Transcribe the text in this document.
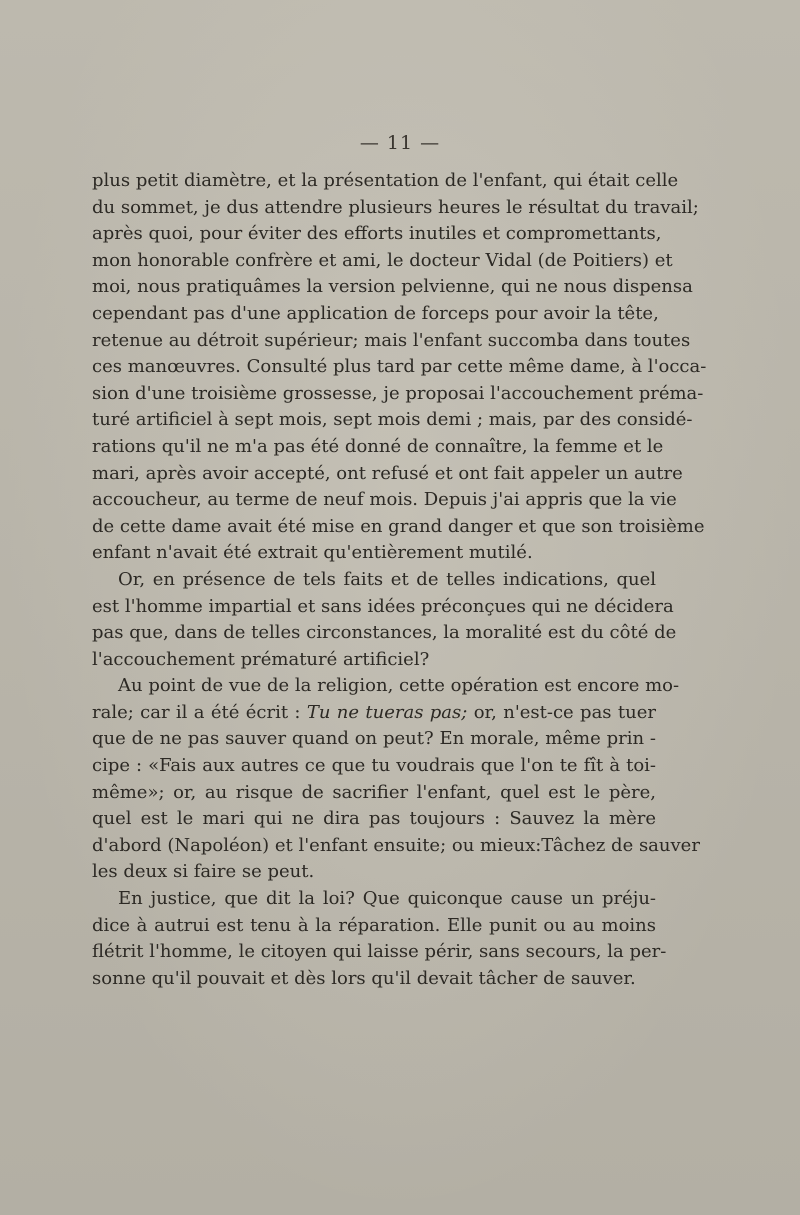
— 11 —
plus petit diamètre, et la présentation de l'enfant, qui était celle
du sommet, je dus attendre plusieurs heures le résultat du travail;
après quoi, pour éviter des efforts inutiles et compromettants,
mon honorable confrère et ami, le docteur Vidal (de Poitiers) et
moi, nous pratiquâmes la version pelvienne, qui ne nous dispensa
cependant pas d'une application de forceps pour avoir la tête,
retenue au détroit supérieur; mais l'enfant succomba dans toutes
ces manœuvres. Consulté plus tard par cette même dame, à l'occa-
sion d'une troisième grossesse, je proposai l'accouchement préma-
turé artificiel à sept mois, sept mois demi ; mais, par des considé-
rations qu'il ne m'a pas été donné de connaître, la femme et le
mari, après avoir accepté, ont refusé et ont fait appeler un autre
accoucheur, au terme de neuf mois. Depuis j'ai appris que la vie
de cette dame avait été mise en grand danger et que son troisième
enfant n'avait été extrait qu'entièrement mutilé.
Or, en présence de tels faits et de telles indications, quel
est l'homme impartial et sans idées préconçues qui ne décidera
pas que, dans de telles circonstances, la moralité est du côté de
l'accouchement prématuré artificiel?
Au point de vue de la religion, cette opération est encore mo-
rale; car il a été écrit : Tu ne tueras pas; or, n'est-ce pas tuer
que de ne pas sauver quand on peut? En morale, même prin -
cipe : «Fais aux autres ce que tu voudrais que l'on te fît à toi-
même»; or, au risque de sacrifier l'enfant, quel est le père,
quel est le mari qui ne dira pas toujours : Sauvez la mère
d'abord (Napoléon) et l'enfant ensuite; ou mieux:Tâchez de sauver
les deux si faire se peut.
En justice, que dit la loi? Que quiconque cause un préju-
dice à autrui est tenu à la réparation. Elle punit ou au moins
flétrit l'homme, le citoyen qui laisse périr, sans secours, la per-
sonne qu'il pouvait et dès lors qu'il devait tâcher de sauver.
